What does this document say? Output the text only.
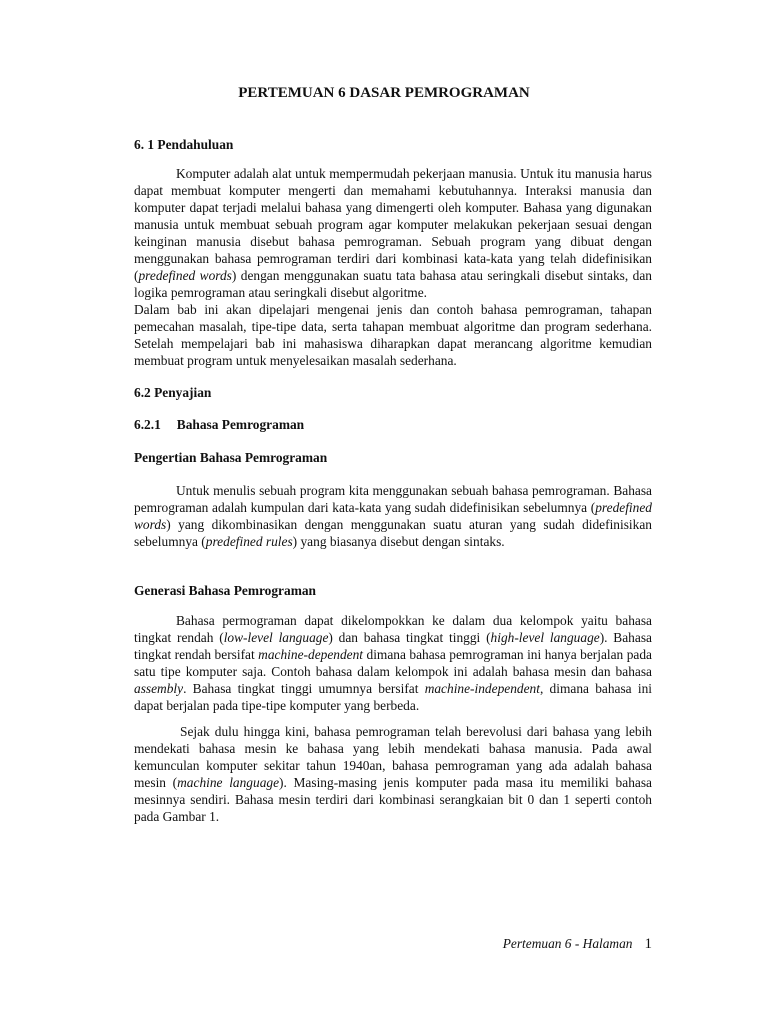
PERTEMUAN 6 DASAR PEMROGRAMAN
6. 1 Pendahuluan

Komputer adalah alat untuk mempermudah pekerjaan manusia. Untuk itu manusia harus dapat membuat komputer mengerti dan memahami kebutuhannya. Interaksi manusia dan komputer dapat terjadi melalui bahasa yang dimengerti oleh komputer. Bahasa yang digunakan manusia untuk membuat sebuah program agar komputer melakukan pekerjaan sesuai dengan keinginan manusia disebut bahasa pemrograman. Sebuah program yang dibuat dengan menggunakan bahasa pemrograman terdiri dari kombinasi kata-kata yang telah didefinisikan (predefined words) dengan menggunakan suatu tata bahasa atau seringkali disebut sintaks, dan logika pemrograman atau seringkali disebut algoritme.

Dalam bab ini akan dipelajari mengenai jenis dan contoh bahasa pemrograman, tahapan pemecahan masalah, tipe-tipe data, serta tahapan membuat algoritme dan program sederhana. Setelah mempelajari bab ini mahasiswa diharapkan dapat merancang algoritme kemudian membuat program untuk menyelesaikan masalah sederhana.

6.2 Penyajian
6.2.1 Bahasa Pemrograman
Pengertian Bahasa Pemrograman

Untuk menulis sebuah program kita menggunakan sebuah bahasa pemrograman. Bahasa pemrograman adalah kumpulan dari kata-kata yang sudah didefinisikan sebelumnya (predefined words) yang dikombinasikan dengan menggunakan suatu aturan yang sudah didefinisikan sebelumnya (predefined rules) yang biasanya disebut dengan sintaks.

Generasi Bahasa Pemrograman

Bahasa permograman dapat dikelompokkan ke dalam dua kelompok yaitu bahasa tingkat rendah (low-level language) dan bahasa tingkat tinggi (high-level language). Bahasa tingkat rendah bersifat machine-dependent dimana bahasa pemrograman ini hanya berjalan pada satu tipe komputer saja. Contoh bahasa dalam kelompok ini adalah bahasa mesin dan bahasa assembly. Bahasa tingkat tinggi umumnya bersifat machine-independent, dimana bahasa ini dapat berjalan pada tipe-tipe komputer yang berbeda.

Sejak dulu hingga kini, bahasa pemrograman telah berevolusi dari bahasa yang lebih mendekati bahasa mesin ke bahasa yang lebih mendekati bahasa manusia. Pada awal kemunculan komputer sekitar tahun 1940an, bahasa pemrograman yang ada adalah bahasa mesin (machine language). Masing-masing jenis komputer pada masa itu memiliki bahasa mesinnya sendiri. Bahasa mesin terdiri dari kombinasi serangkaian bit 0 dan 1 seperti contoh pada Gambar 1.

Pertemuan 6 - Halaman 1
